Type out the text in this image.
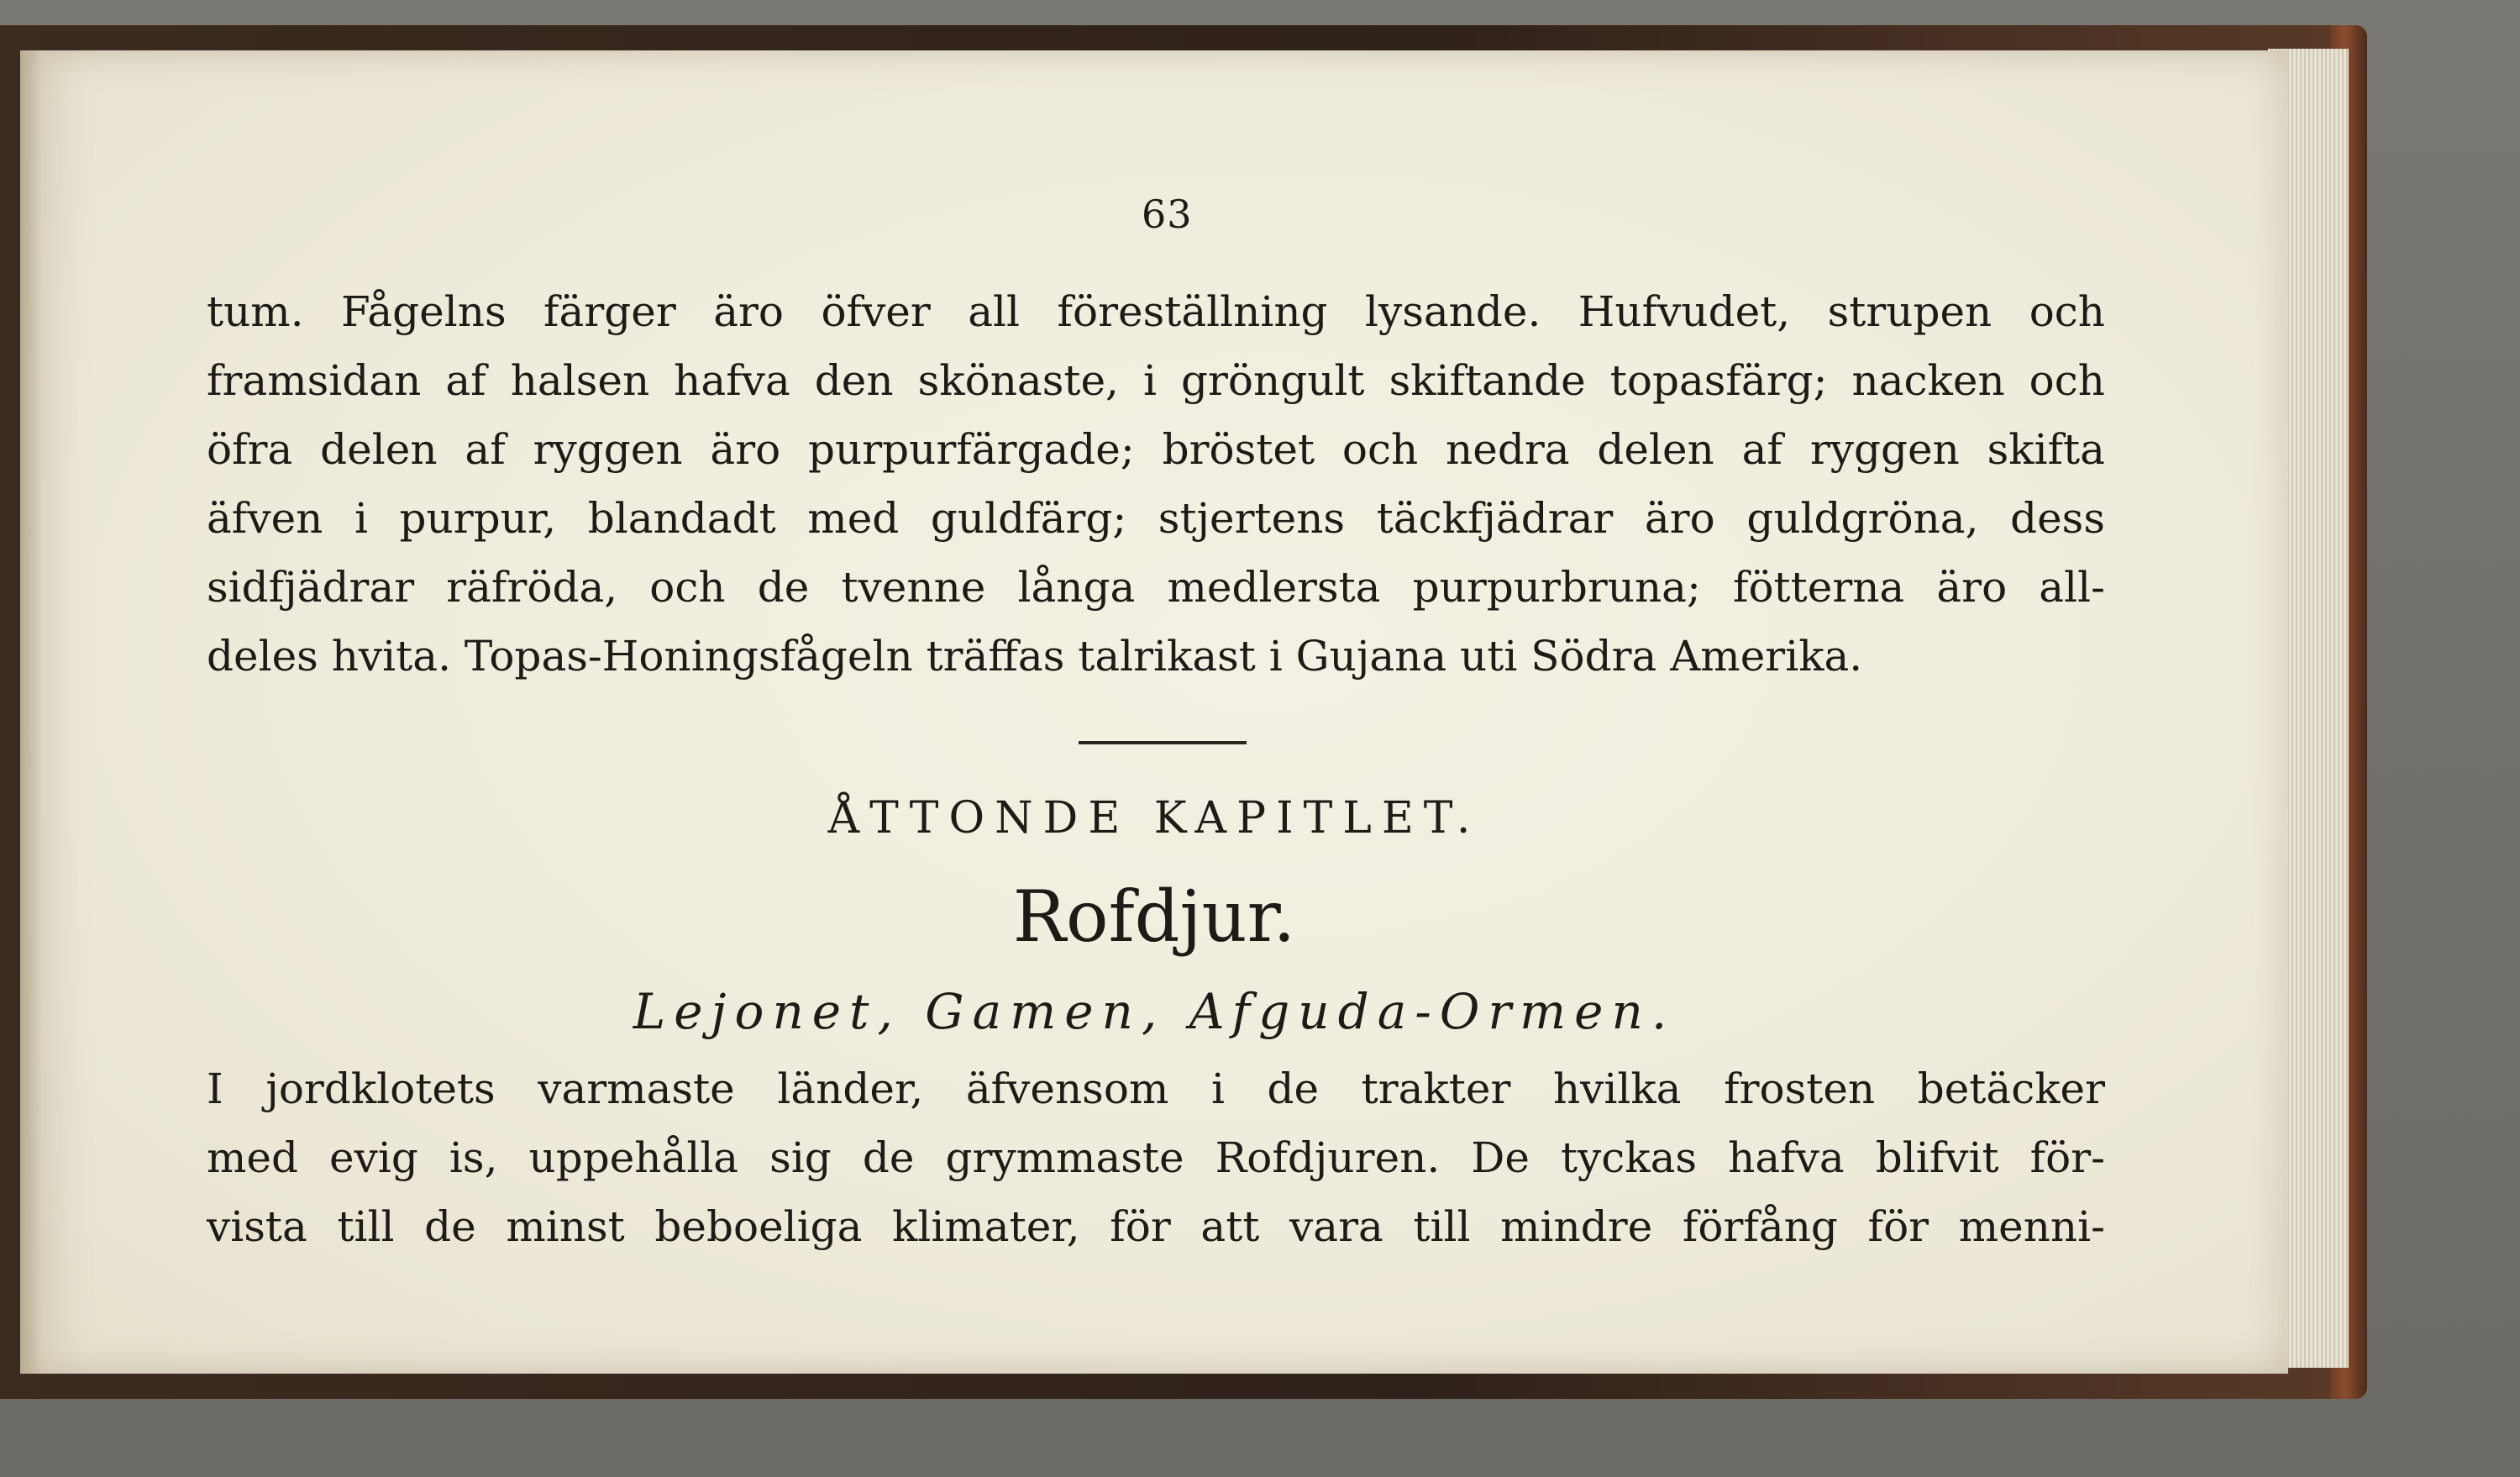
63
tum. Fågelns färger äro öfver all föreställning lysande. Hufvudet, strupen och
framsidan af halsen hafva den skönaste, i gröngult skiftande topasfärg; nacken och
öfra delen af ryggen äro purpurfärgade; bröstet och nedra delen af ryggen skifta
äfven i purpur, blandadt med guldfärg; stjertens täckfjädrar äro guldgröna, dess
sidfjädrar räfröda, och de tvenne långa medlersta purpurbruna; fötterna äro all-
deles hvita. Topas-Honingsfågeln träffas talrikast i Gujana uti Södra Amerika.
ÅTTONDE KAPITLET.
Rofdjur.
Lejonet, Gamen, Afguda-Ormen.
I jordklotets varmaste länder, äfvensom i de trakter hvilka frosten betäcker
med evig is, uppehålla sig de grymmaste Rofdjuren. De tyckas hafva blifvit för-
vista till de minst beboeliga klimater, för att vara till mindre förfång för menni-
